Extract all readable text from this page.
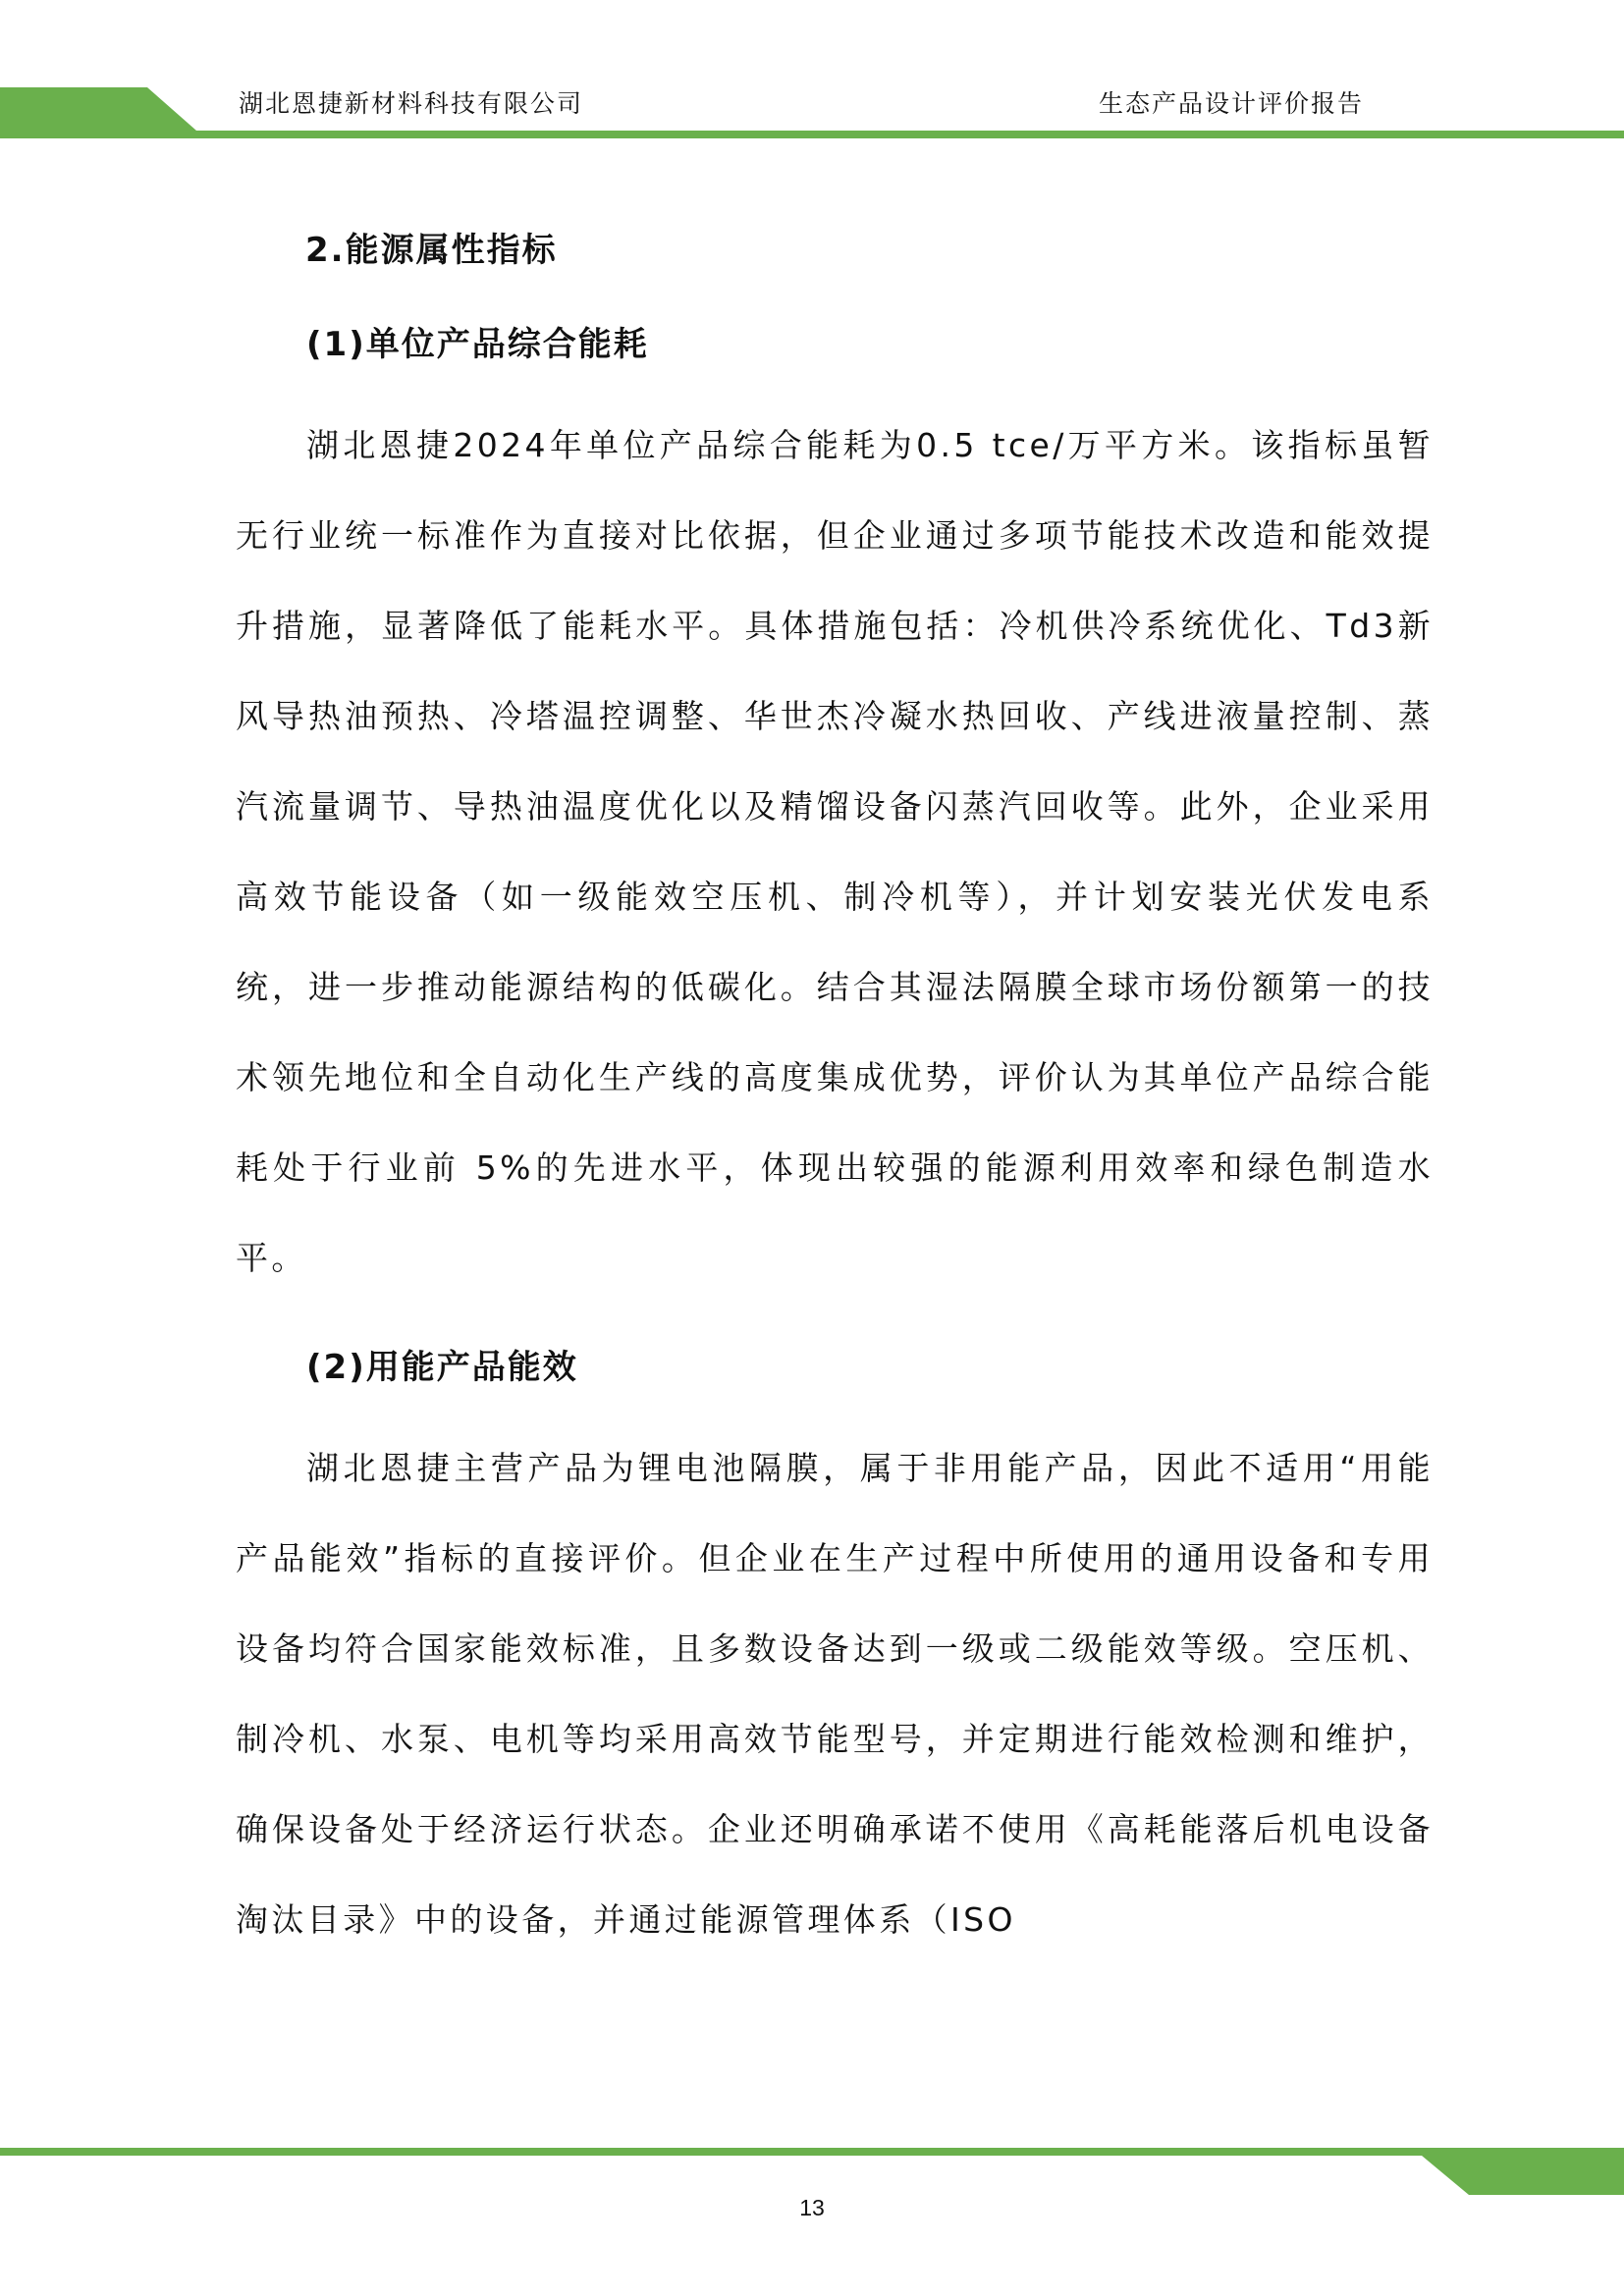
湖北恩捷新材料科技有限公司	生态产品设计评价报告
2.能源属性指标
(1)单位产品综合能耗

湖北恩捷2024年单位产品综合能耗为0.5 tce/万平方米。该指标虽暂无行业统一标准作为直接对比依据，但企业通过多项节能技术改造和能效提升措施，显著降低了能耗水平。具体措施包括：冷机供冷系统优化、Td3新风导热油预热、冷塔温控调整、华世杰冷凝水热回收、产线进液量控制、蒸汽流量调节、导热油温度优化以及精馏设备闪蒸汽回收等。此外，企业采用高效节能设备（如一级能效空压机、制冷机等），并计划安装光伏发电系统，进一步推动能源结构的低碳化。结合其湿法隔膜全球市场份额第一的技术领先地位和全自动化生产线的高度集成优势，评价认为其单位产品综合能耗处于行业前 5%的先进水平，体现出较强的能源利用效率和绿色制造水平。

(2)用能产品能效

湖北恩捷主营产品为锂电池隔膜，属于非用能产品，因此不适用“用能产品能效”指标的直接评价。但企业在生产过程中所使用的通用设备和专用设备均符合国家能效标准，且多数设备达到一级或二级能效等级。空压机、制冷机、水泵、电机等均采用高效节能型号，并定期进行能效检测和维护，确保设备处于经济运行状态。企业还明确承诺不使用《高耗能落后机电设备淘汰目录》中的设备，并通过能源管理体系（ISO

13
